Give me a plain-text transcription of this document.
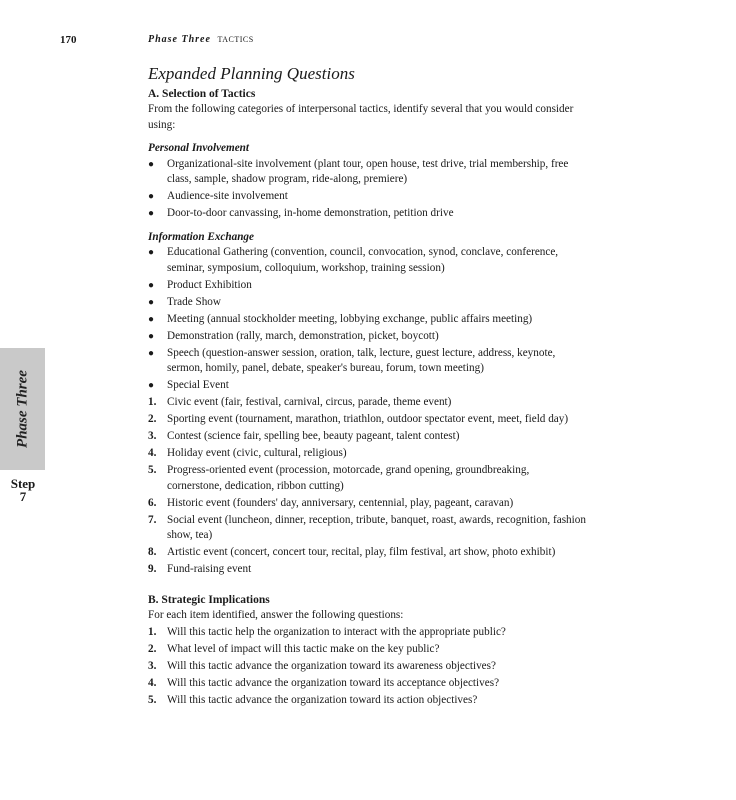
170	Phase Three TACTICS
Phase Three
Step
7
Expanded Planning Questions
A. Selection of Tactics

From the following categories of interpersonal tactics, identify several that you would consider using:

Personal Involvement
●	Organizational-site involvement (plant tour, open house, test drive, trial membership, free class, sample, shadow program, ride-along, premiere)
●	Audience-site involvement
●	Door-to-door canvassing, in-home demonstration, petition drive
Information Exchange
●	Educational Gathering (convention, council, convocation, synod, conclave, conference, seminar, symposium, colloquium, workshop, training session)
●	Product Exhibition
●	Trade Show
●	Meeting (annual stockholder meeting, lobbying exchange, public affairs meeting)
●	Demonstration (rally, march, demonstration, picket, boycott)
●	Speech (question-answer session, oration, talk, lecture, guest lecture, address, keynote, sermon, homily, panel, debate, speaker's bureau, forum, town meeting)
●	Special Event
1. Civic event (fair, festival, carnival, circus, parade, theme event)
2. Sporting event (tournament, marathon, triathlon, outdoor spectator event, meet, field day)
3. Contest (science fair, spelling bee, beauty pageant, talent contest)
4. Holiday event (civic, cultural, religious)
5. Progress-oriented event (procession, motorcade, grand opening, groundbreaking, cornerstone, dedication, ribbon cutting)
6. Historic event (founders' day, anniversary, centennial, play, pageant, caravan)
7. Social event (luncheon, dinner, reception, tribute, banquet, roast, awards, recognition, fashion show, tea)
8. Artistic event (concert, concert tour, recital, play, film festival, art show, photo exhibit)
9. Fund-raising event
B. Strategic Implications

For each item identified, answer the following questions:

1. Will this tactic help the organization to interact with the appropriate public?
2. What level of impact will this tactic make on the key public?
3. Will this tactic advance the organization toward its awareness objectives?
4. Will this tactic advance the organization toward its acceptance objectives?
5. Will this tactic advance the organization toward its action objectives?
